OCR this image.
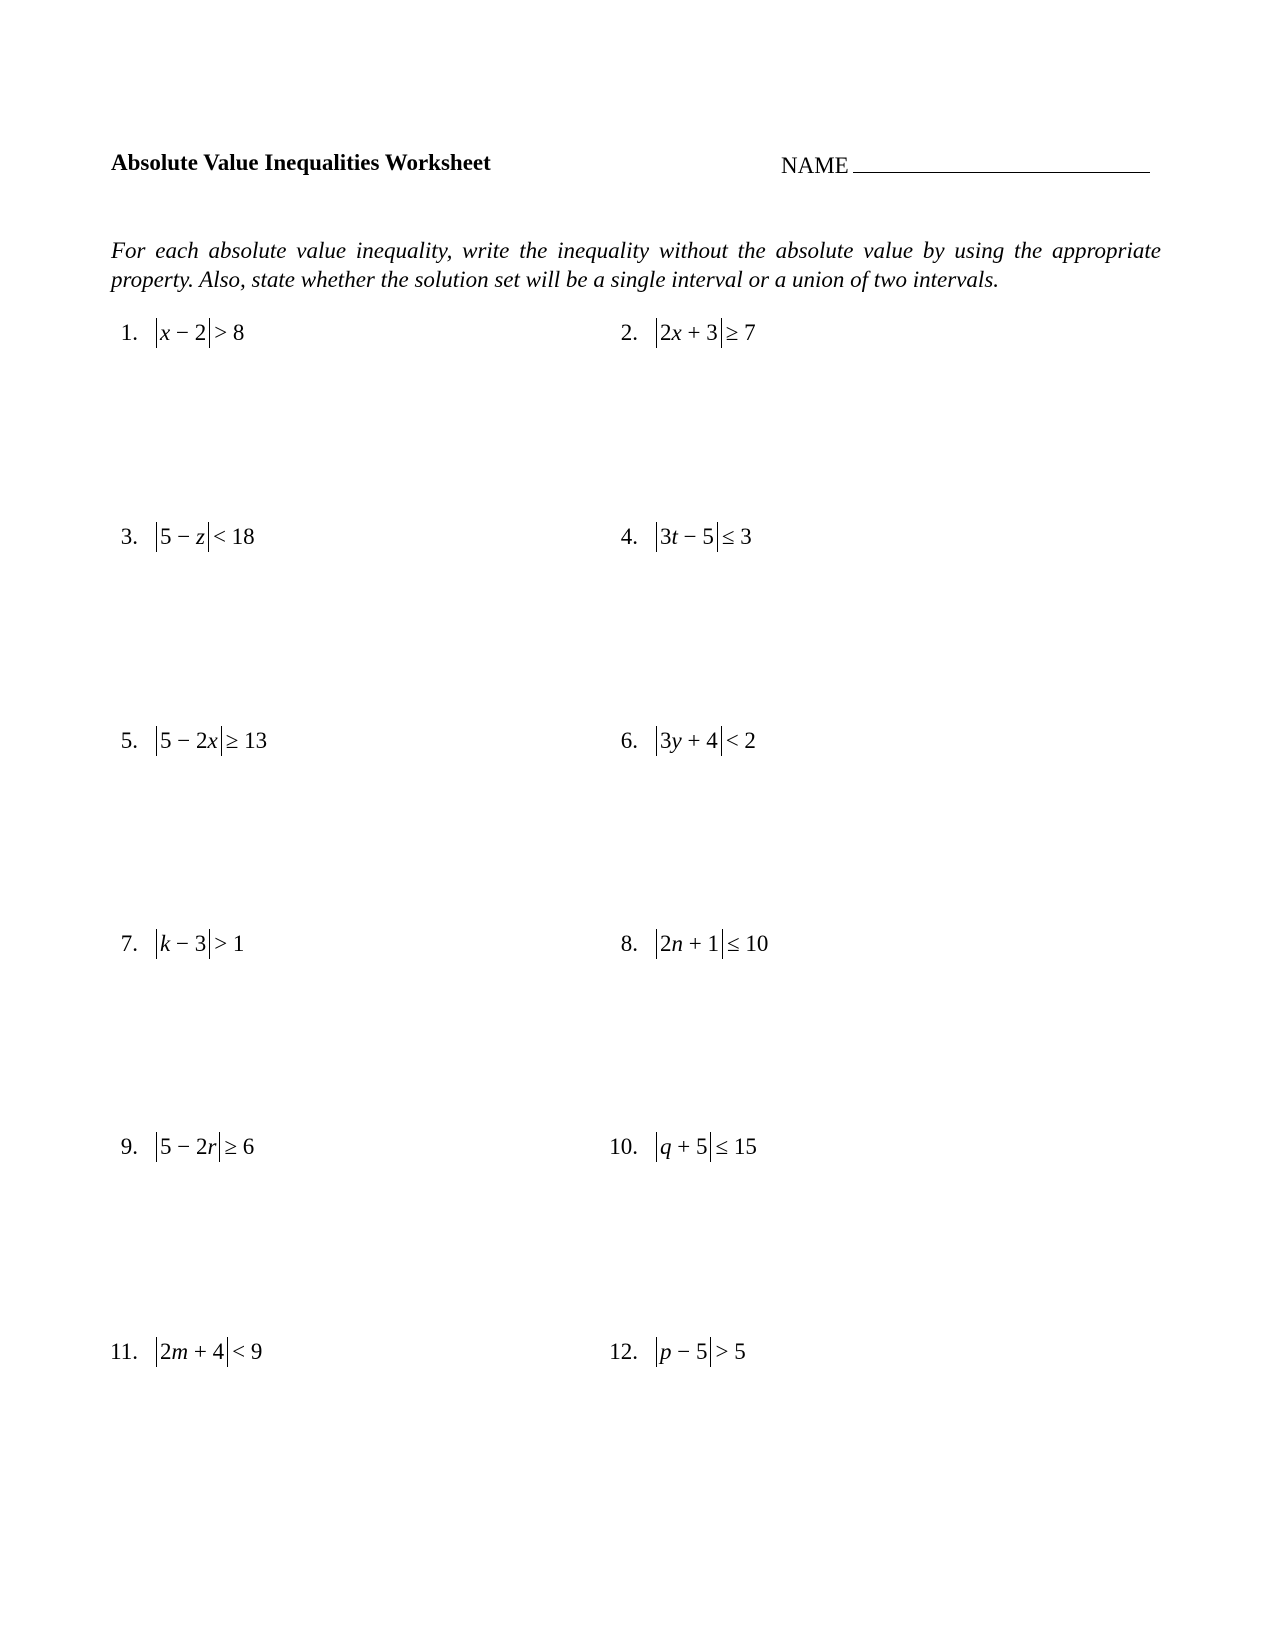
Absolute Value Inequalities Worksheet	NAME
For each absolute value inequality, write the inequality without the absolute value by using the appropriate property. Also, state whether the solution set will be a single interval or a union of two intervals.
1. x − 2 > 8	2. 2x + 3 ≥ 7
3. 5 − z < 18	4. 3t − 5 ≤ 3
5. 5 − 2x ≥ 13	6. 3y + 4 < 2
7. k − 3 > 1	8. 2n + 1 ≤ 10
9. 5 − 2r ≥ 6	10. q + 5 ≤ 15
11. 2m + 4 < 9	12. p − 5 > 5
